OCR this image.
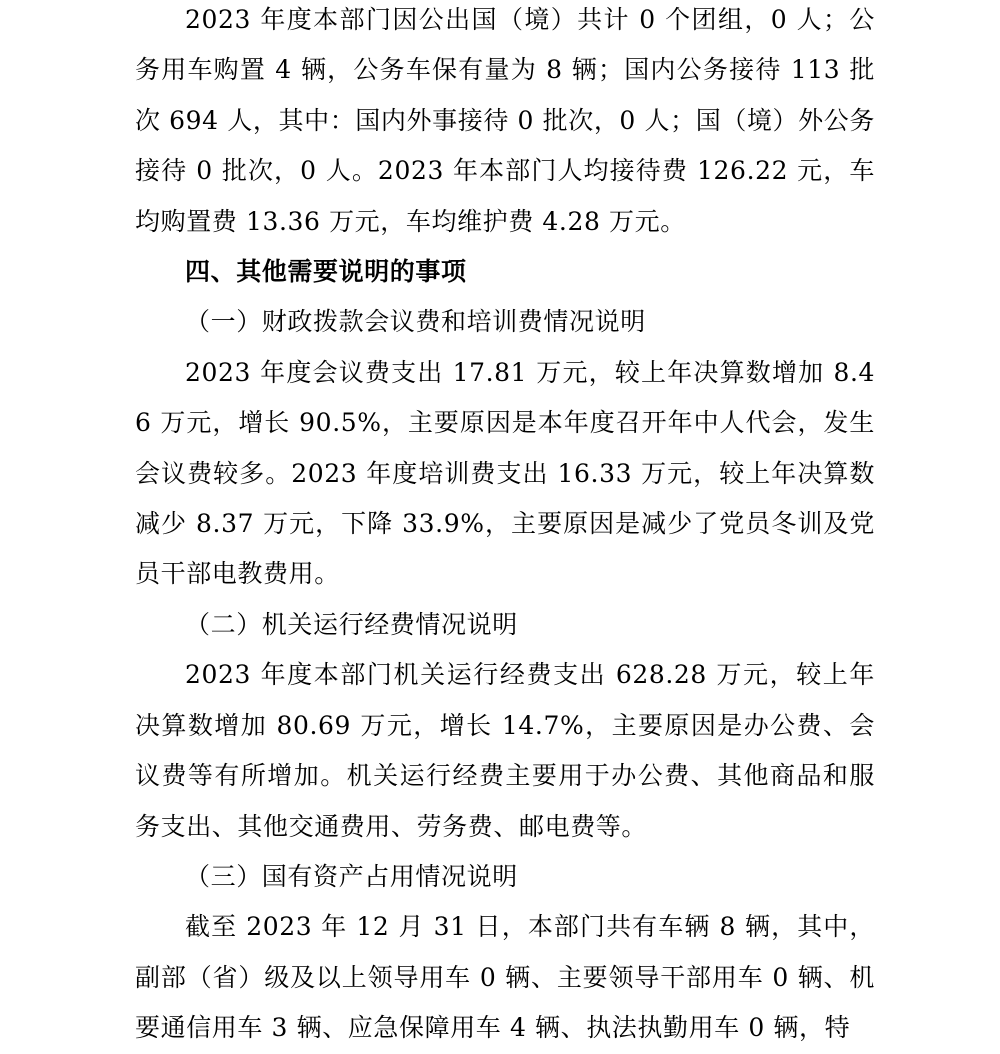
2023 年度本部门因公出国（境）共计 0 个团组，0 人；公务用车购置 4 辆，公务车保有量为 8 辆；国内公务接待 113 批次 694 人，其中：国内外事接待 0 批次，0 人；国（境）外公务接待 0 批次，0 人。2023 年本部门人均接待费 126.22 元，车均购置费 13.36 万元，车均维护费 4.28 万元。

四、其他需要说明的事项

（一）财政拨款会议费和培训费情况说明

2023 年度会议费支出 17.81 万元，较上年决算数增加 8.46 万元，增长 90.5%，主要原因是本年度召开年中人代会，发生会议费较多。2023 年度培训费支出 16.33 万元，较上年决算数减少 8.37 万元，下降 33.9%，主要原因是减少了党员冬训及党员干部电教费用。

（二）机关运行经费情况说明

2023 年度本部门机关运行经费支出 628.28 万元，较上年决算数增加 80.69 万元，增长 14.7%，主要原因是办公费、会议费等有所增加。机关运行经费主要用于办公费、其他商品和服务支出、其他交通费用、劳务费、邮电费等。

（三）国有资产占用情况说明

截至 2023 年 12 月 31 日，本部门共有车辆 8 辆，其中，副部（省）级及以上领导用车 0 辆、主要领导干部用车 0 辆、机要通信用车 3 辆、应急保障用车 4 辆、执法执勤用车 0 辆，特
